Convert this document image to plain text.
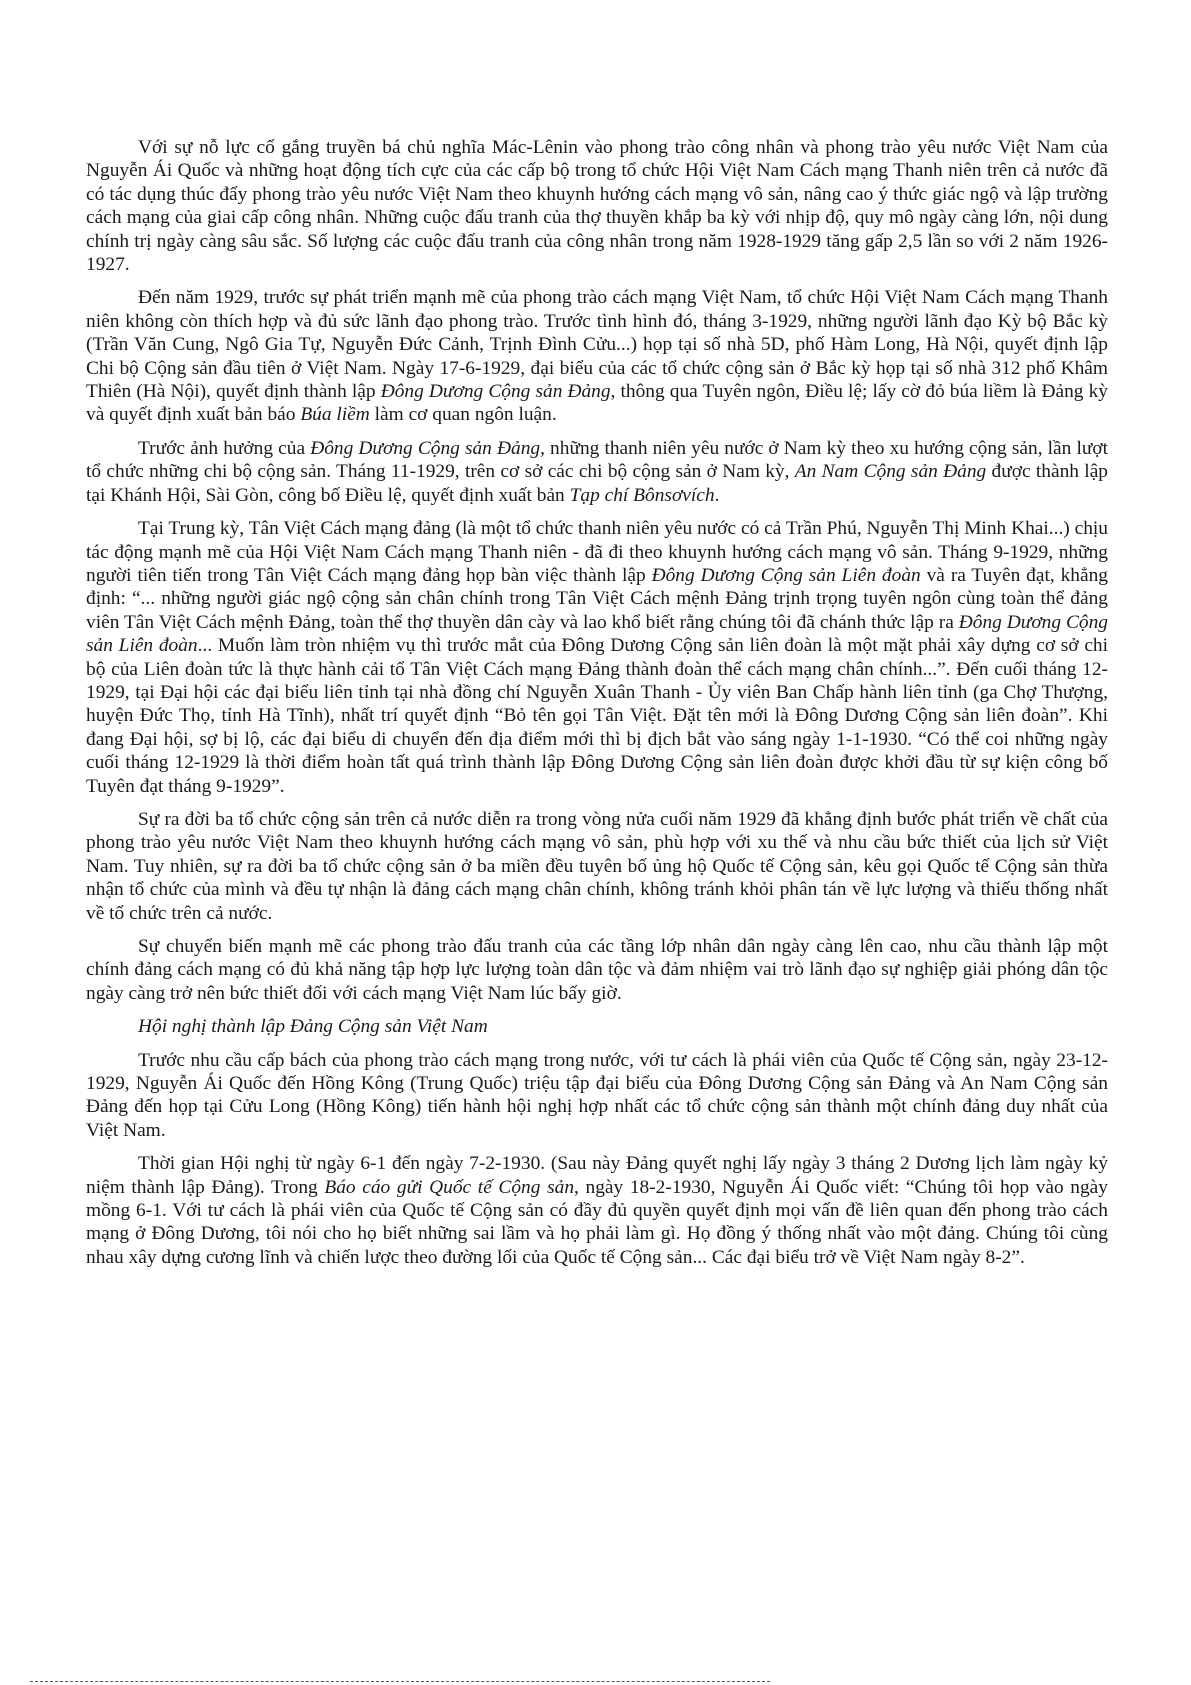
Với sự nỗ lực cố gắng truyền bá chủ nghĩa Mác-Lênin vào phong trào công nhân và phong trào yêu nước Việt Nam của Nguyễn Ái Quốc và những hoạt động tích cực của các cấp bộ trong tổ chức Hội Việt Nam Cách mạng Thanh niên trên cả nước đã có tác dụng thúc đẩy phong trào yêu nước Việt Nam theo khuynh hướng cách mạng vô sản, nâng cao ý thức giác ngộ và lập trường cách mạng của giai cấp công nhân. Những cuộc đấu tranh của thợ thuyền khắp ba kỳ với nhịp độ, quy mô ngày càng lớn, nội dung chính trị ngày càng sâu sắc. Số lượng các cuộc đấu tranh của công nhân trong năm 1928-1929 tăng gấp 2,5 lần so với 2 năm 1926-1927.

Đến năm 1929, trước sự phát triển mạnh mẽ của phong trào cách mạng Việt Nam, tổ chức Hội Việt Nam Cách mạng Thanh niên không còn thích hợp và đủ sức lãnh đạo phong trào. Trước tình hình đó, tháng 3-1929, những người lãnh đạo Kỳ bộ Bắc kỳ (Trần Văn Cung, Ngô Gia Tự, Nguyễn Đức Cảnh, Trịnh Đình Cửu...) họp tại số nhà 5D, phố Hàm Long, Hà Nội, quyết định lập Chi bộ Cộng sản đầu tiên ở Việt Nam. Ngày 17-6-1929, đại biểu của các tổ chức cộng sản ở Bắc kỳ họp tại số nhà 312 phố Khâm Thiên (Hà Nội), quyết định thành lập Đông Dương Cộng sản Đảng, thông qua Tuyên ngôn, Điều lệ; lấy cờ đỏ búa liềm là Đảng kỳ và quyết định xuất bản báo Búa liềm làm cơ quan ngôn luận.

Trước ảnh hưởng của Đông Dương Cộng sản Đảng, những thanh niên yêu nước ở Nam kỳ theo xu hướng cộng sản, lần lượt tổ chức những chi bộ cộng sản. Tháng 11-1929, trên cơ sở các chi bộ cộng sản ở Nam kỳ, An Nam Cộng sản Đảng được thành lập tại Khánh Hội, Sài Gòn, công bố Điều lệ, quyết định xuất bản Tạp chí Bônsơvích.

Tại Trung kỳ, Tân Việt Cách mạng đảng (là một tổ chức thanh niên yêu nước có cả Trần Phú, Nguyễn Thị Minh Khai...) chịu tác động mạnh mẽ của Hội Việt Nam Cách mạng Thanh niên - đã đi theo khuynh hướng cách mạng vô sản. Tháng 9-1929, những người tiên tiến trong Tân Việt Cách mạng đảng họp bàn việc thành lập Đông Dương Cộng sản Liên đoàn và ra Tuyên đạt, khẳng định: “... những người giác ngộ cộng sản chân chính trong Tân Việt Cách mệnh Đảng trịnh trọng tuyên ngôn cùng toàn thể đảng viên Tân Việt Cách mệnh Đảng, toàn thể thợ thuyền dân cày và lao khổ biết rằng chúng tôi đã chánh thức lập ra Đông Dương Cộng sản Liên đoàn... Muốn làm tròn nhiệm vụ thì trước mắt của Đông Dương Cộng sản liên đoàn là một mặt phải xây dựng cơ sở chi bộ của Liên đoàn tức là thực hành cải tổ Tân Việt Cách mạng Đảng thành đoàn thể cách mạng chân chính...”. Đến cuối tháng 12-1929, tại Đại hội các đại biểu liên tỉnh tại nhà đồng chí Nguyễn Xuân Thanh - Ủy viên Ban Chấp hành liên tỉnh (ga Chợ Thượng, huyện Đức Thọ, tỉnh Hà Tĩnh), nhất trí quyết định “Bỏ tên gọi Tân Việt. Đặt tên mới là Đông Dương Cộng sản liên đoàn”. Khi đang Đại hội, sợ bị lộ, các đại biểu di chuyển đến địa điểm mới thì bị địch bắt vào sáng ngày 1-1-1930. “Có thể coi những ngày cuối tháng 12-1929 là thời điểm hoàn tất quá trình thành lập Đông Dương Cộng sản liên đoàn được khởi đầu từ sự kiện công bố Tuyên đạt tháng 9-1929”.

Sự ra đời ba tổ chức cộng sản trên cả nước diễn ra trong vòng nửa cuối năm 1929 đã khẳng định bước phát triển về chất của phong trào yêu nước Việt Nam theo khuynh hướng cách mạng vô sản, phù hợp với xu thế và nhu cầu bức thiết của lịch sử Việt Nam. Tuy nhiên, sự ra đời ba tổ chức cộng sản ở ba miền đều tuyên bố ủng hộ Quốc tế Cộng sản, kêu gọi Quốc tế Cộng sản thừa nhận tổ chức của mình và đều tự nhận là đảng cách mạng chân chính, không tránh khỏi phân tán về lực lượng và thiếu thống nhất về tổ chức trên cả nước.

Sự chuyển biến mạnh mẽ các phong trào đấu tranh của các tầng lớp nhân dân ngày càng lên cao, nhu cầu thành lập một chính đảng cách mạng có đủ khả năng tập hợp lực lượng toàn dân tộc và đảm nhiệm vai trò lãnh đạo sự nghiệp giải phóng dân tộc ngày càng trở nên bức thiết đối với cách mạng Việt Nam lúc bấy giờ.

Hội nghị thành lập Đảng Cộng sản Việt Nam

Trước nhu cầu cấp bách của phong trào cách mạng trong nước, với tư cách là phái viên của Quốc tế Cộng sản, ngày 23-12-1929, Nguyễn Ái Quốc đến Hồng Kông (Trung Quốc) triệu tập đại biểu của Đông Dương Cộng sản Đảng và An Nam Cộng sản Đảng đến họp tại Cửu Long (Hồng Kông) tiến hành hội nghị hợp nhất các tổ chức cộng sản thành một chính đảng duy nhất của Việt Nam.

Thời gian Hội nghị từ ngày 6-1 đến ngày 7-2-1930. (Sau này Đảng quyết nghị lấy ngày 3 tháng 2 Dương lịch làm ngày kỷ niệm thành lập Đảng). Trong Báo cáo gửi Quốc tế Cộng sản, ngày 18-2-1930, Nguyễn Ái Quốc viết: “Chúng tôi họp vào ngày mồng 6-1. Với tư cách là phái viên của Quốc tế Cộng sản có đầy đủ quyền quyết định mọi vấn đề liên quan đến phong trào cách mạng ở Đông Dương, tôi nói cho họ biết những sai lầm và họ phải làm gì. Họ đồng ý thống nhất vào một đảng. Chúng tôi cùng nhau xây dựng cương lĩnh và chiến lược theo đường lối của Quốc tế Cộng sản... Các đại biểu trở về Việt Nam ngày 8-2”.
